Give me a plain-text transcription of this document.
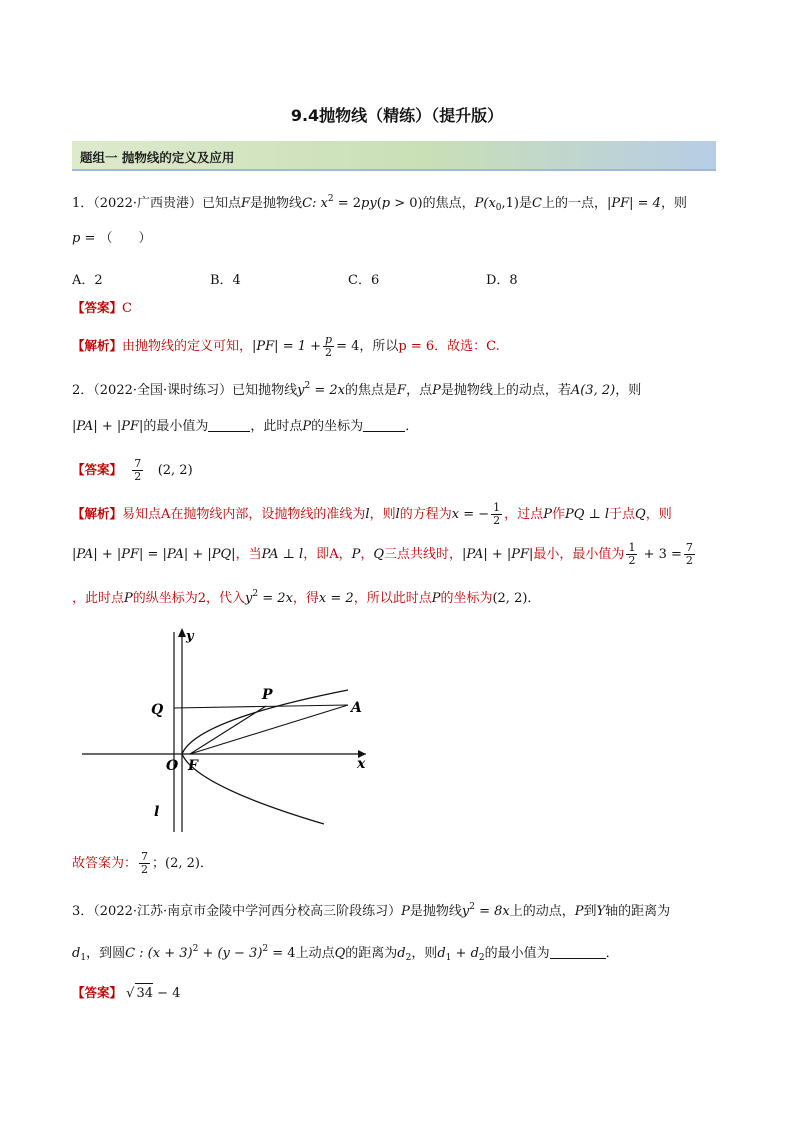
9.4抛物线（精练）（提升版）
题组一 抛物线的定义及应用
1．（2022·广西贵港）已知点F是抛物线C: $x^2 = 2py(p > 0)$的焦点，$P(x_0,1)$是C上的一点，|PF| = 4，则
p = （　　）
A．2	B．4	C．6	D．8
【答案】C
【解析】由抛物线的定义可知，$|PF| = 1 + \frac{p}{2} = 4$，所以p = 6．故选：C.
2．（2022·全国·课时练习）已知抛物线$y^2 = 2x$的焦点是F，点P是抛物线上的动点，若A(3, 2)，则
|PA| + |PF|的最小值为	，此时点P的坐标为	．
【答案】 $\frac{7}{2} (2$, 2)
【解析】易知点A在抛物线内部，设抛物线的准线为l，则l的方程为x = − $\frac{1}{2}$ ，过点P作PQ ⊥ l于点Q，则
|PA| + |PF| = |PA| + |PQ|，当PA ⊥ l，即A，P，Q三点共线时，|PA| + |PF|最小，最小值为 $\frac{1}{2} + 3 = \frac{7}{2}$
，此时点P的纵坐标为2，代入$y^2 = 2x$，得x = 2，所以此时点P的坐标为(2, 2)．
y
x
O F
P
Q	A
l
故答案为： $\frac{7}{2}$ ；(2, 2)．
3．（2022·江苏·南京市金陵中学河西分校高三阶段练习）P是抛物线$y^2 = 8x$上的动点，P到Y轴的距离为
$d_1$，到圆C : $(x + 3)^2 + (y - 3)^2 = 4$上动点Q的距离为$d_2$，则$d_1 + d_2$的最小值为	．
【答案】 √ 34 − 4
